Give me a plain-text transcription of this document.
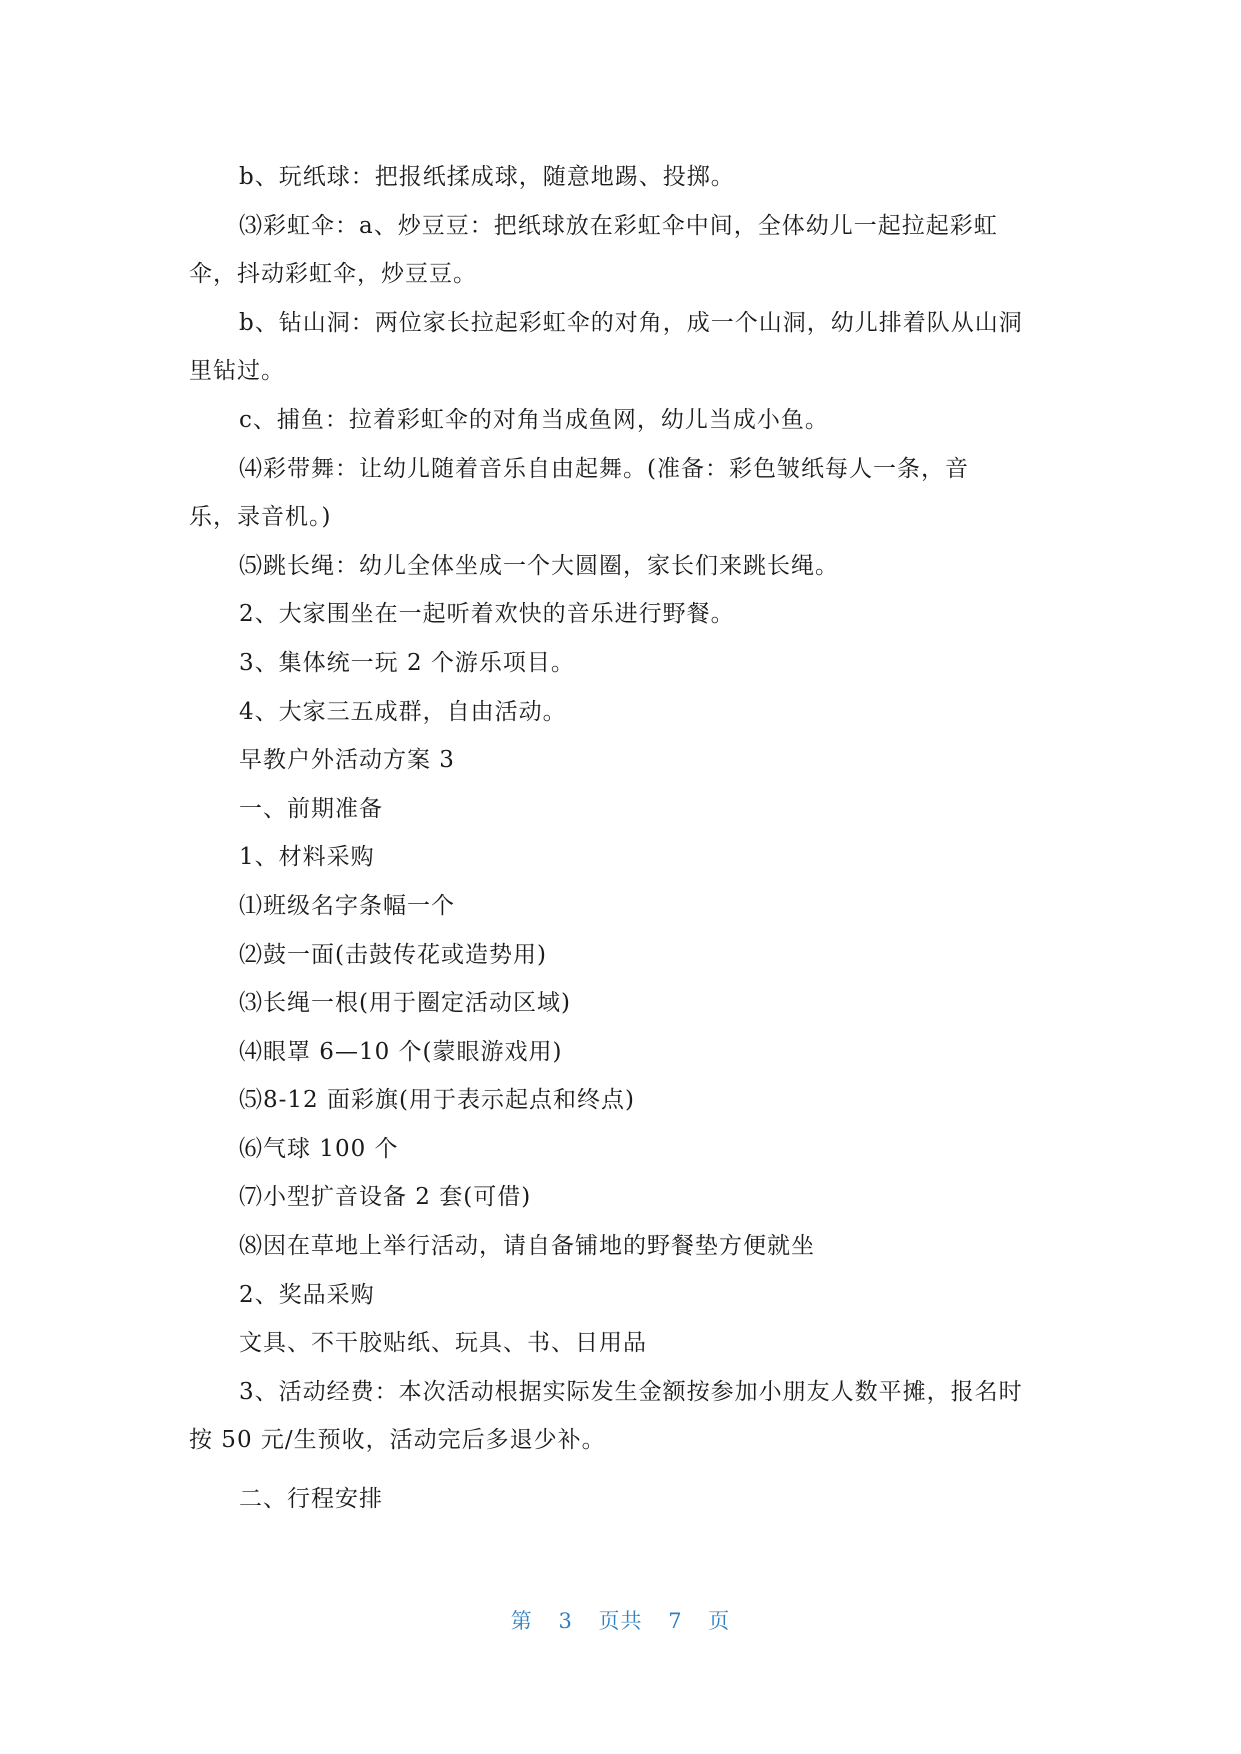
b、玩纸球：把报纸揉成球，随意地踢、投掷。
⑶彩虹伞：a、炒豆豆：把纸球放在彩虹伞中间，全体幼儿一起拉起彩虹
伞，抖动彩虹伞，炒豆豆。
b、钻山洞：两位家长拉起彩虹伞的对角，成一个山洞，幼儿排着队从山洞
里钻过。
c、捕鱼：拉着彩虹伞的对角当成鱼网，幼儿当成小鱼。
⑷彩带舞：让幼儿随着音乐自由起舞。(准备：彩色皱纸每人一条，音
乐，录音机。)
⑸跳长绳：幼儿全体坐成一个大圆圈，家长们来跳长绳。
2、大家围坐在一起听着欢快的音乐进行野餐。
3、集体统一玩 2 个游乐项目。
4、大家三五成群，自由活动。
早教户外活动方案 3
一、前期准备
1、材料采购
⑴班级名字条幅一个
⑵鼓一面(击鼓传花或造势用)
⑶长绳一根(用于圈定活动区域)
⑷眼罩 6—10 个(蒙眼游戏用)
⑸8-12 面彩旗(用于表示起点和终点)
⑹气球 100 个
⑺小型扩音设备 2 套(可借)
⑻因在草地上举行活动，请自备铺地的野餐垫方便就坐
2、奖品采购
文具、不干胶贴纸、玩具、书、日用品
3、活动经费：本次活动根据实际发生金额按参加小朋友人数平摊，报名时
按 50 元/生预收，活动完后多退少补。
二、行程安排
第 3 页共 7 页
